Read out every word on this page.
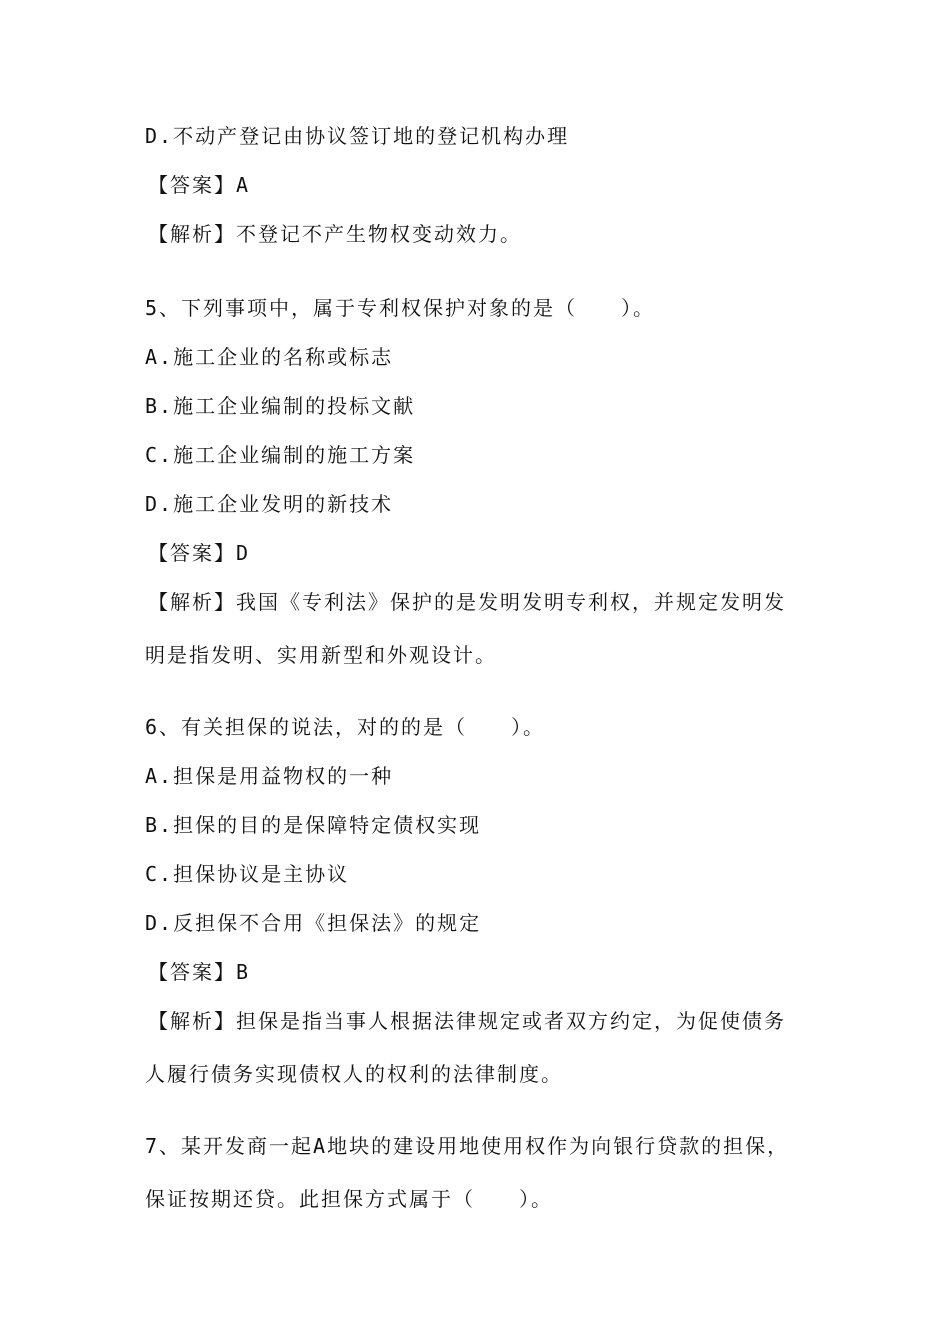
D.不动产登记由协议签订地的登记机构办理
【答案】A
【解析】不登记不产生物权变动效力。
5、下列事项中，属于专利权保护对象的是（　　）。
A.施工企业的名称或标志
B.施工企业编制的投标文献
C.施工企业编制的施工方案
D.施工企业发明的新技术
【答案】D
【解析】我国《专利法》保护的是发明发明专利权，并规定发明发
明是指发明、实用新型和外观设计。
6、有关担保的说法，对的的是（　　）。
A.担保是用益物权的一种
B.担保的目的是保障特定债权实现
C.担保协议是主协议
D.反担保不合用《担保法》的规定
【答案】B
【解析】担保是指当事人根据法律规定或者双方约定，为促使债务
人履行债务实现债权人的权利的法律制度。
7、某开发商一起A地块的建设用地使用权作为向银行贷款的担保，
保证按期还贷。此担保方式属于（　　）。
